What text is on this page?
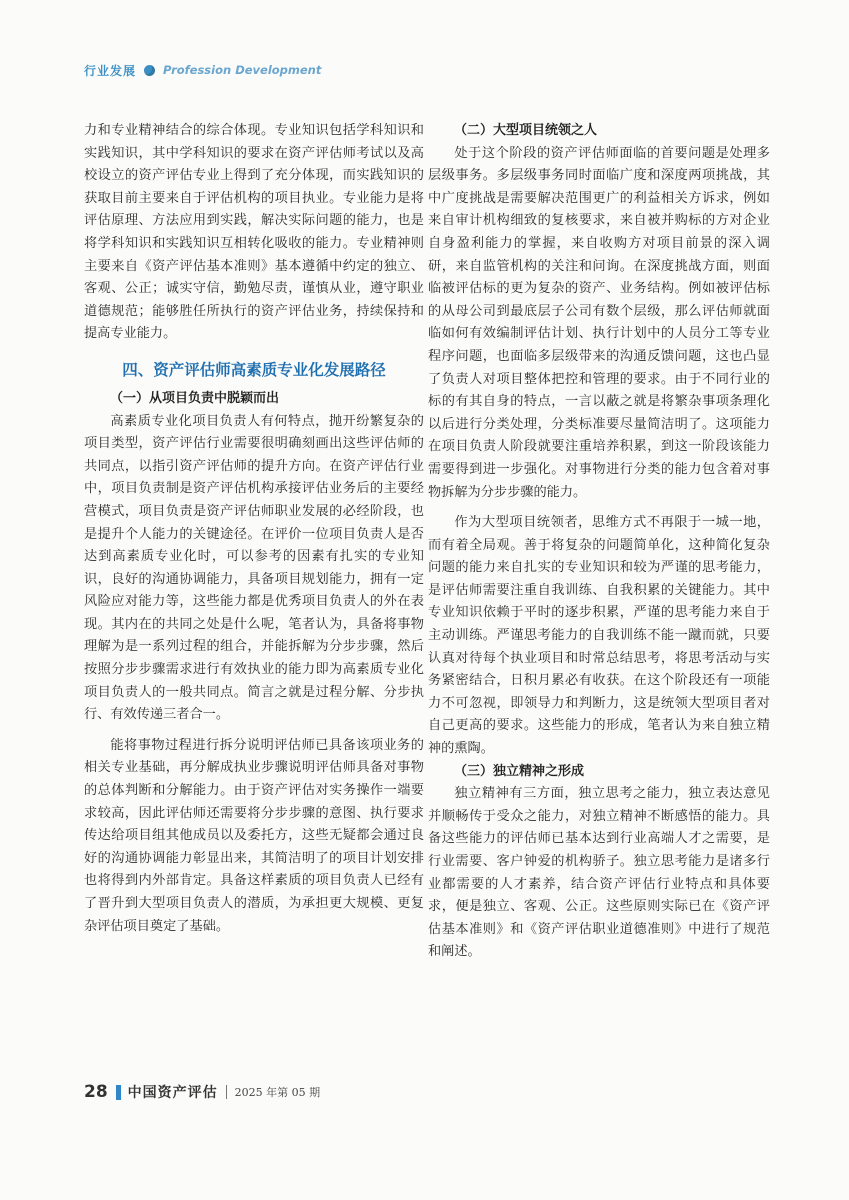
行业发展 Profession Development

力和专业精神结合的综合体现。专业知识包括学科知识和实践知识，其中学科知识的要求在资产评估师考试以及高校设立的资产评估专业上得到了充分体现，而实践知识的获取目前主要来自于评估机构的项目执业。专业能力是将评估原理、方法应用到实践，解决实际问题的能力，也是将学科知识和实践知识互相转化吸收的能力。专业精神则主要来自《资产评估基本准则》基本遵循中约定的独立、客观、公正；诚实守信，勤勉尽责，谨慎从业，遵守职业道德规范；能够胜任所执行的资产评估业务，持续保持和提高专业能力。

四、资产评估师高素质专业化发展路径

（一）从项目负责中脱颖而出

高素质专业化项目负责人有何特点，抛开纷繁复杂的项目类型，资产评估行业需要很明确刻画出这些评估师的共同点，以指引资产评估师的提升方向。在资产评估行业中，项目负责制是资产评估机构承接评估业务后的主要经营模式，项目负责是资产评估师职业发展的必经阶段，也是提升个人能力的关键途径。在评价一位项目负责人是否达到高素质专业化时，可以参考的因素有扎实的专业知识，良好的沟通协调能力，具备项目规划能力，拥有一定风险应对能力等，这些能力都是优秀项目负责人的外在表现。其内在的共同之处是什么呢，笔者认为，具备将事物理解为是一系列过程的组合，并能拆解为分步步骤，然后按照分步步骤需求进行有效执业的能力即为高素质专业化项目负责人的一般共同点。简言之就是过程分解、分步执行、有效传递三者合一。

能将事物过程进行拆分说明评估师已具备该项业务的相关专业基础，再分解成执业步骤说明评估师具备对事物的总体判断和分解能力。由于资产评估对实务操作一端要求较高，因此评估师还需要将分步步骤的意图、执行要求传达给项目组其他成员以及委托方，这些无疑都会通过良好的沟通协调能力彰显出来，其简洁明了的项目计划安排也将得到内外部肯定。具备这样素质的项目负责人已经有了晋升到大型项目负责人的潜质，为承担更大规模、更复杂评估项目奠定了基础。

（二）大型项目统领之人

处于这个阶段的资产评估师面临的首要问题是处理多层级事务。多层级事务同时面临广度和深度两项挑战，其中广度挑战是需要解决范围更广的利益相关方诉求，例如来自审计机构细致的复核要求，来自被并购标的方对企业自身盈利能力的掌握，来自收购方对项目前景的深入调研，来自监管机构的关注和问询。在深度挑战方面，则面临被评估标的更为复杂的资产、业务结构。例如被评估标的从母公司到最底层子公司有数个层级，那么评估师就面临如何有效编制评估计划、执行计划中的人员分工等专业程序问题，也面临多层级带来的沟通反馈问题，这也凸显了负责人对项目整体把控和管理的要求。由于不同行业的标的有其自身的特点，一言以蔽之就是将繁杂事项条理化以后进行分类处理，分类标准要尽量简洁明了。这项能力在项目负责人阶段就要注重培养积累，到这一阶段该能力需要得到进一步强化。对事物进行分类的能力包含着对事物拆解为分步步骤的能力。

作为大型项目统领者，思维方式不再限于一城一地，而有着全局观。善于将复杂的问题简单化，这种简化复杂问题的能力来自扎实的专业知识和较为严谨的思考能力，是评估师需要注重自我训练、自我积累的关键能力。其中专业知识依赖于平时的逐步积累，严谨的思考能力来自于主动训练。严谨思考能力的自我训练不能一蹴而就，只要认真对待每个执业项目和时常总结思考，将思考活动与实务紧密结合，日积月累必有收获。在这个阶段还有一项能力不可忽视，即领导力和判断力，这是统领大型项目者对自己更高的要求。这些能力的形成，笔者认为来自独立精神的熏陶。

（三）独立精神之形成

独立精神有三方面，独立思考之能力，独立表达意见并顺畅传于受众之能力，对独立精神不断感悟的能力。具备这些能力的评估师已基本达到行业高端人才之需要，是行业需要、客户钟爱的机构骄子。独立思考能力是诸多行业都需要的人才素养，结合资产评估行业特点和具体要求，便是独立、客观、公正。这些原则实际已在《资产评估基本准则》和《资产评估职业道德准则》中进行了规范和阐述。

28 中国资产评估 2025 年第 05 期
